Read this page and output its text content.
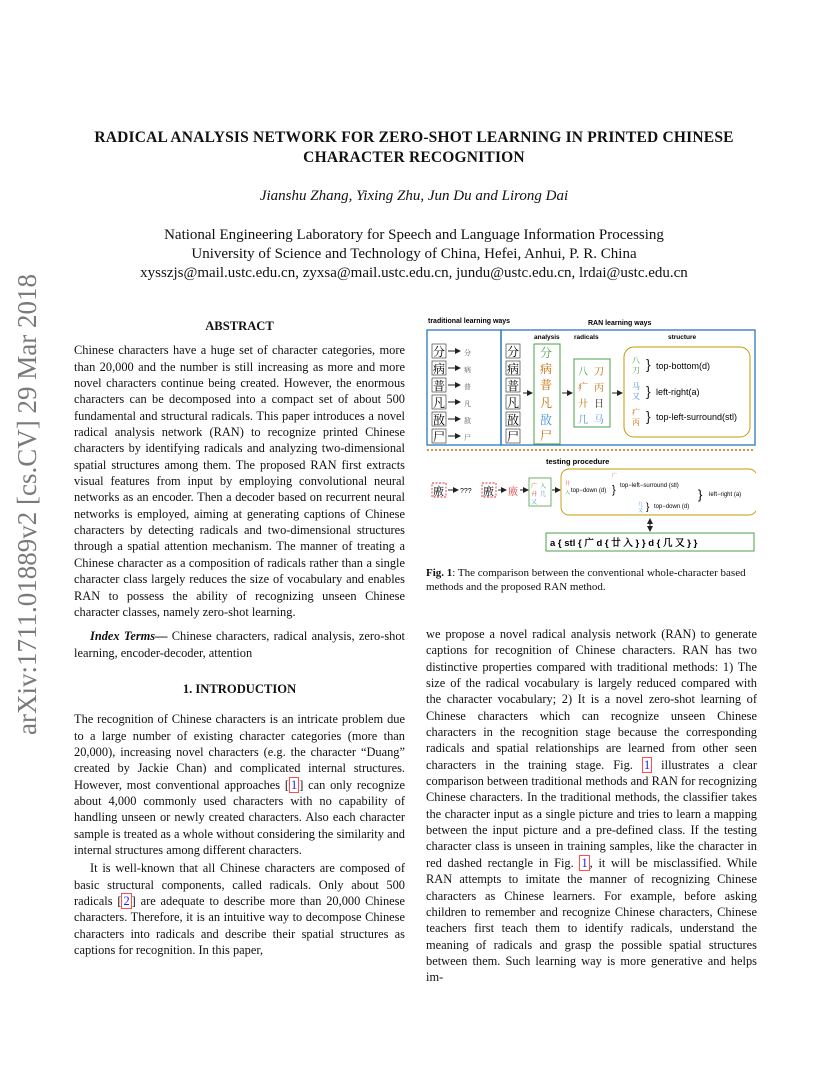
arXiv:1711.01889v2 [cs.CV] 29 Mar 2018
RADICAL ANALYSIS NETWORK FOR ZERO-SHOT LEARNING IN PRINTED CHINESE
CHARACTER RECOGNITION
Jianshu Zhang, Yixing Zhu, Jun Du and Lirong Dai
National Engineering Laboratory for Speech and Language Information Processing
University of Science and Technology of China, Hefei, Anhui, P. R. China
xysszjs@mail.ustc.edu.cn, zyxsa@mail.ustc.edu.cn, jundu@ustc.edu.cn, lrdai@ustc.edu.cn
ABSTRACT

Chinese characters have a huge set of character categories, more than 20,000 and the number is still increasing as more and more novel characters continue being created. However, the enormous characters can be decomposed into a compact set of about 500 fundamental and structural radicals. This paper introduces a novel radical analysis network (RAN) to recognize printed Chinese characters by identifying radicals and analyzing two-dimensional spatial structures among them. The proposed RAN first extracts visual features from input by employing convolutional neural networks as an encoder. Then a decoder based on recurrent neural networks is employed, aiming at generating captions of Chinese characters by detecting radicals and two-dimensional structures through a spatial attention mechanism. The manner of treating a Chinese character as a composition of radicals rather than a single character class largely reduces the size of vocabulary and enables RAN to possess the ability of recognizing unseen Chinese character classes, namely zero-shot learning.

Index Terms— Chinese characters, radical analysis, zero-shot learning, encoder-decoder, attention

1. INTRODUCTION

The recognition of Chinese characters is an intricate problem due to a large number of existing character categories (more than 20,000), increasing novel characters (e.g. the character “Duang” created by Jackie Chan) and complicated internal structures. However, most conventional approaches [ 1 ] can only recognize about 4,000 commonly used characters with no capability of handling unseen or newly created characters. Also each character sample is treated as a whole without considering the similarity and internal structures among different characters.

It is well-known that all Chinese characters are composed of basic structural components, called radicals. Only about 500 radicals [ 2 ] are adequate to describe more than 20,000 Chinese characters. Therefore, it is an intuitive way to decompose Chinese characters into radicals and describe their spatial structures as captions for recognition. In this paper,

traditional learning ways	RAN learning ways
analysis radicals	structure
分	分
病	病
普	普
凡	凡
敔	敔
尸	尸
分
病
普
凡
敔
尸
分
病
普
凡
敔
尸
八 刀
疒 丙
廾 日
几 马
八
刀 } top-bottom(d)
马
又 } left-right(a)
疒
丙 } top-left-surround(stl)
testing procedure
廒 ??? 廒 廒 广 入
廾 几
又
廾
入 top−down (d) }
广
top−left−surround (stl)
几
又 } top−down (d)
} left−right (a)
a { stl { 广 d { 廿 入 } } d { 几 又 } }
Fig. 1: The comparison between the conventional whole-character based methods and the proposed RAN method.

we propose a novel radical analysis network (RAN) to generate captions for recognition of Chinese characters. RAN has two distinctive properties compared with traditional methods: 1) The size of the radical vocabulary is largely reduced compared with the character vocabulary; 2) It is a novel zero-shot learning of Chinese characters which can recognize unseen Chinese characters in the recognition stage because the corresponding radicals and spatial relationships are learned from other seen characters in the training stage. Fig. 1 illustrates a clear comparison between traditional methods and RAN for recognizing Chinese characters. In the traditional methods, the classifier takes the character input as a single picture and tries to learn a mapping between the input picture and a pre-defined class. If the testing character class is unseen in training samples, like the character in red dashed rectangle in Fig. 1 , it will be misclassified. While RAN attempts to imitate the manner of recognizing Chinese characters as Chinese learners. For example, before asking children to remember and recognize Chinese characters, Chinese teachers first teach them to identify radicals, understand the meaning of radicals and grasp the possible spatial structures between them. Such learning way is more generative and helps im-
